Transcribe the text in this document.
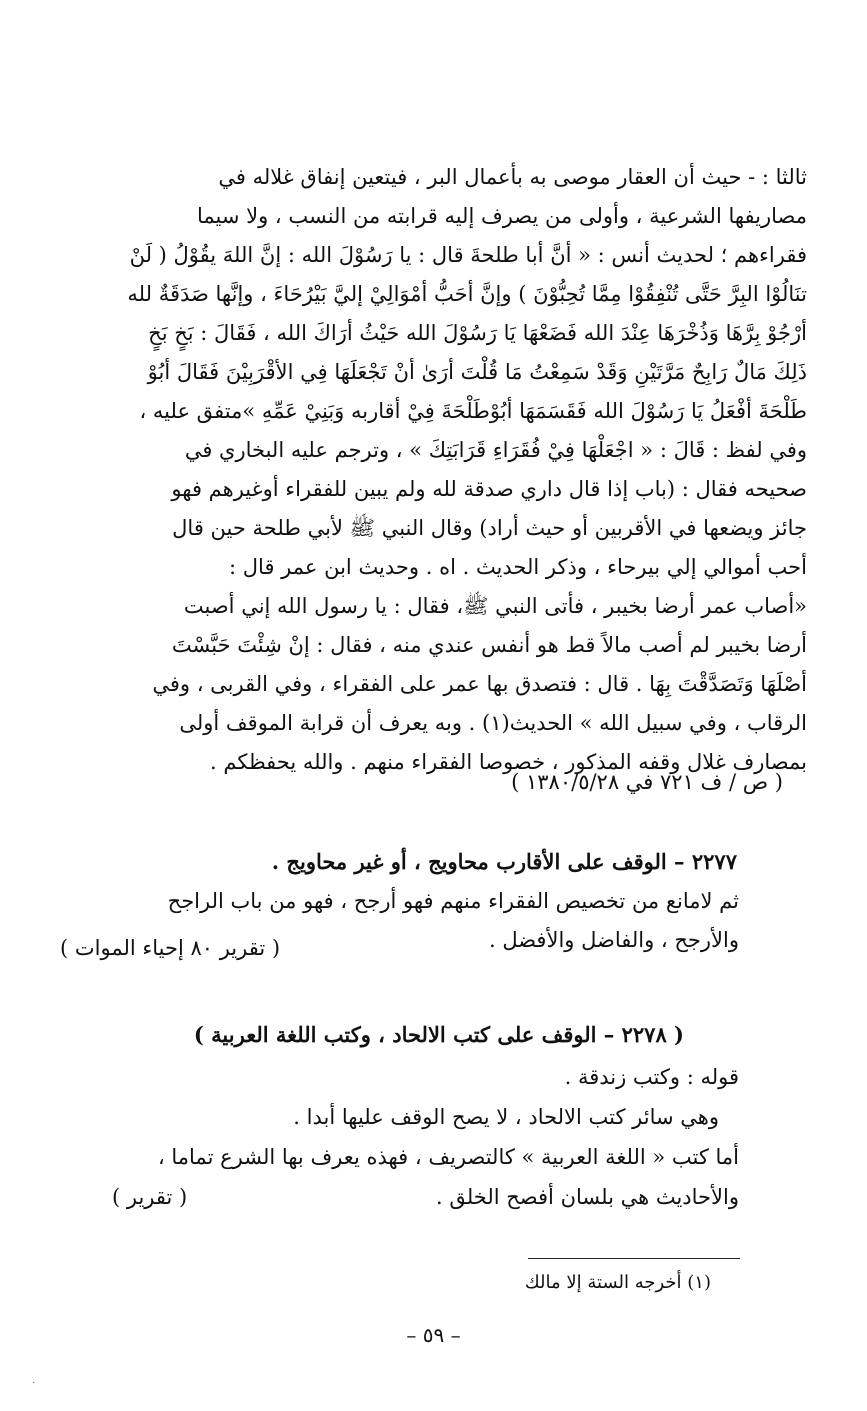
ثالثا : - حيث أن العقار موصى به بأعمال البر ، فيتعين إنفاق غلاله في

مصاريفها الشرعية ، وأولى من يصرف إليه قرابته من النسب ، ولا سيما

فقراءهم ؛ لحديث أنس : « أنَّ أبا طلحةَ قال : يا رَسُوْلَ الله : إنَّ اللهَ يقُوْلُ ( لَنْ

تنَالُوْا البِرَّ حَتَّى تُنْفِقُوْا مِمَّا تُحِبُّوْنَ ) وإنَّ أحَبُّ أمْوَالِيْ إليَّ بَيْرُحَاءَ ، وإنَّها صَدَقَةٌ لله

أرْجُوْ بِرَّهَا وَذُخْرَهَا عِنْدَ الله فَضَعْهَا يَا رَسُوْلَ الله حَيْثُ أرَاكَ الله ، فَقَالَ : بَخٍ بَخٍ

ذَلِكَ مَالٌ رَابِحٌ مَرَّتَيْنِ وَقَدْ سَمِعْتُ مَا قُلْتَ أرَىٰ أنْ تَجْعَلَهَا فِي الأقْرَبِيْنَ فَقَالَ أبُوْ

طَلْحَةَ أفْعَلُ يَا رَسُوْلَ الله فَقَسَمَهَا أبُوْطَلْحَةَ فِيْ أقاربه وَبَنِيْ عَمِّهِ »متفق عليه ،

وفي لفظ : قَالَ : « اجْعَلْهَا فِيْ فُقَرَاءِ قَرَابَتِكَ » ، وترجم عليه البخاري في

صحيحه فقال : (باب إذا قال داري صدقة لله ولم يبين للفقراء أوغيرهم فهو

جائز ويضعها في الأقربين أو حيث أراد) وقال النبي ﷺ لأبي طلحة حين قال

أحب أموالي إلي بيرحاء ، وذكر الحديث . اه . وحديث ابن عمر قال :

«أصاب عمر أرضا بخيبر ، فأتى النبي ﷺ، فقال : يا رسول الله إني أصبت

أرضا بخيبر لم أصب مالاً قط هو أنفس عندي منه ، فقال : إنْ شِئْتَ حَبَّسْتَ

أصْلَهَا وَتَصَدَّقْتَ بِهَا . قال : فتصدق بها عمر على الفقراء ، وفي القربى ، وفي

الرقاب ، وفي سبيل الله » الحديث(١) . وبه يعرف أن قرابة الموقف أولى

بمصارف غلال وقفه المذكور ، خصوصا الفقراء منهم . والله يحفظكم .

( ص / ف ٧٢١ في ١٣٨٠/٥/٢٨ )
٢٢٧٧ – الوقف على الأقارب محاويج ، أو غير محاويج .
ثم لامانع من تخصيص الفقراء منهم فهو أرجح ، فهو من باب الراجح
والأرجح ، والفاضل والأفضل .
( تقرير ٨٠ إحياء الموات )
( ٢٢٧٨ – الوقف على كتب الالحاد ، وكتب اللغة العربية )
قوله : وكتب زندقة .
وهي سائر كتب الالحاد ، لا يصح الوقف عليها أبدا .
أما كتب « اللغة العربية » كالتصريف ، فهذه يعرف بها الشرع تماما ،
والأحاديث هي بلسان أفصح الخلق .
( تقرير )
(١) أخرجه الستة إلا مالك
– ٥٩ –
·
